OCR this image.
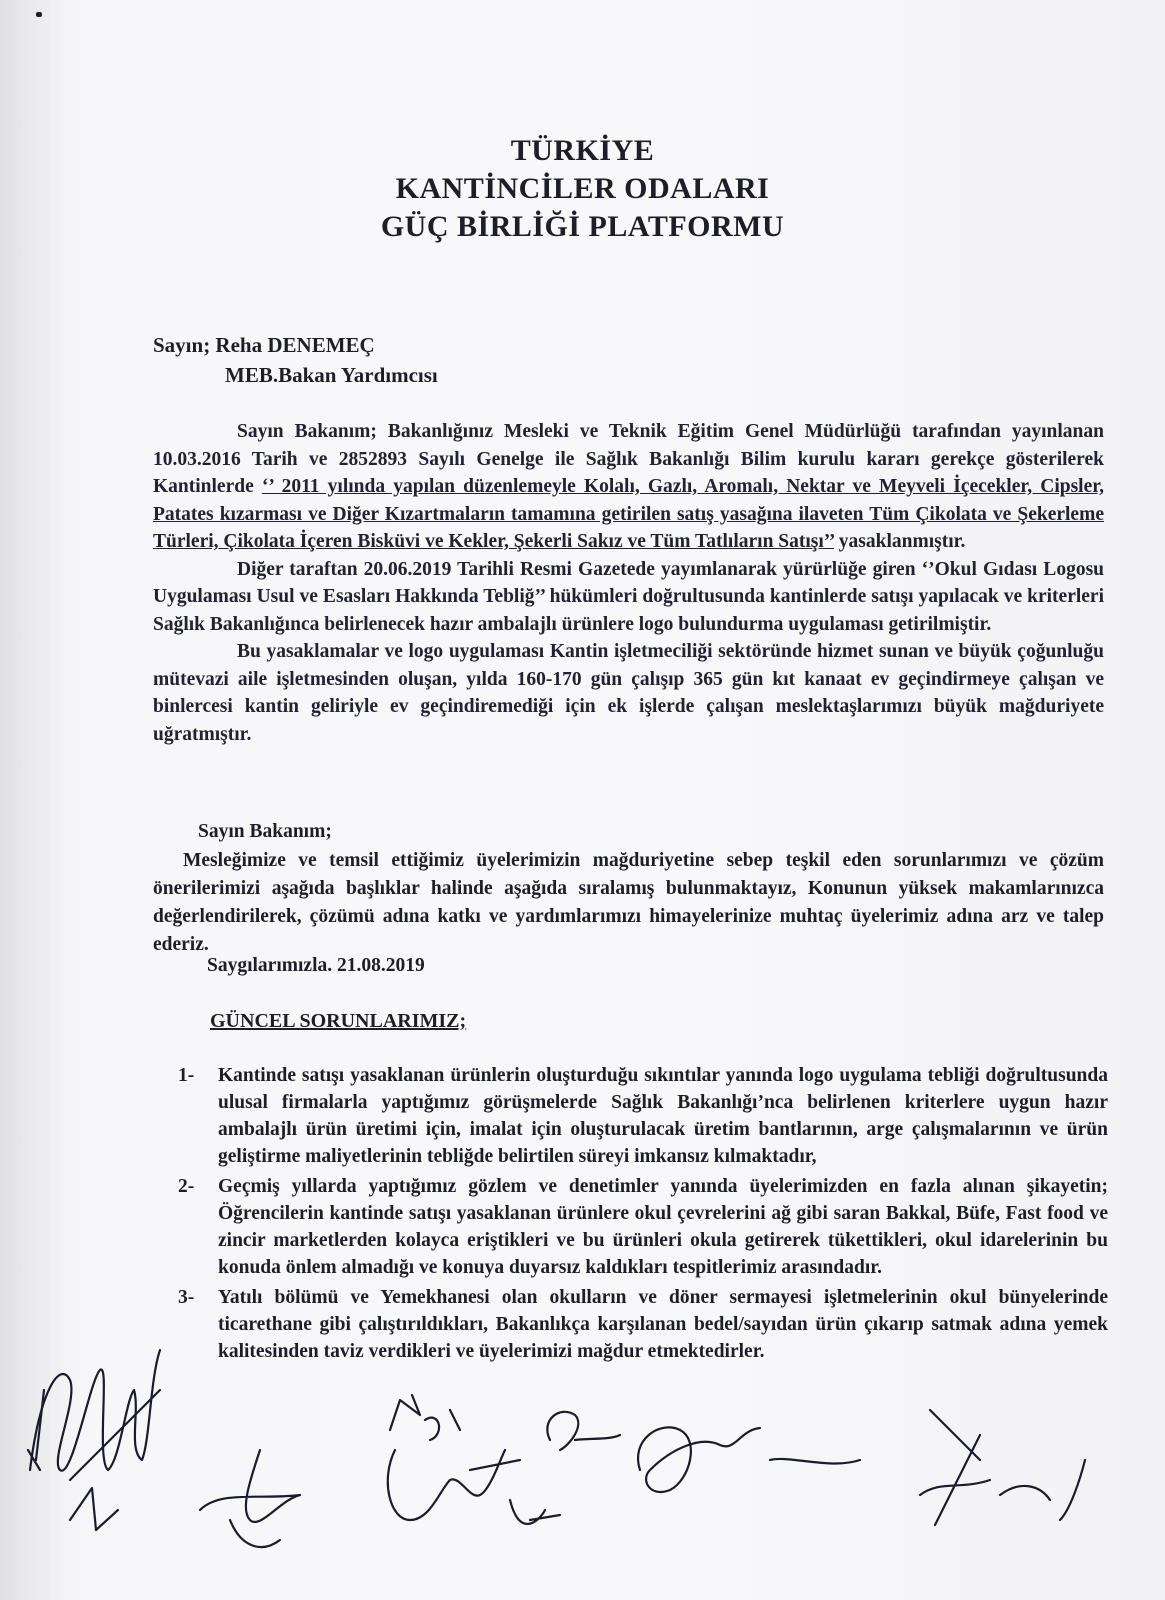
TÜRKİYE
KANTİNCİLER ODALARI
GÜÇ BİRLİĞİ PLATFORMU
Sayın; Reha DENEMEÇ
MEB.Bakan Yardımcısı

Sayın Bakanım; Bakanlığınız Mesleki ve Teknik Eğitim Genel Müdürlüğü tarafından yayınlanan 10.03.2016 Tarih ve 2852893 Sayılı Genelge ile Sağlık Bakanlığı Bilim kurulu kararı gerekçe gösterilerek Kantinlerde ‘’ 2011 yılında yapılan düzenlemeyle Kolalı, Gazlı, Aromalı, Nektar ve Meyveli İçecekler, Cipsler, Patates kızarması ve Diğer Kızartmaların tamamına getirilen satış yasağına ilaveten Tüm Çikolata ve Şekerleme Türleri, Çikolata İçeren Bisküvi ve Kekler, Şekerli Sakız ve Tüm Tatlıların Satışı’’ yasaklanmıştır.

Diğer taraftan 20.06.2019 Tarihli Resmi Gazetede yayımlanarak yürürlüğe giren ‘’Okul Gıdası Logosu Uygulaması Usul ve Esasları Hakkında Tebliğ’’ hükümleri doğrultusunda kantinlerde satışı yapılacak ve kriterleri Sağlık Bakanlığınca belirlenecek hazır ambalajlı ürünlere logo bulundurma uygulaması getirilmiştir.

Bu yasaklamalar ve logo uygulaması Kantin işletmeciliği sektöründe hizmet sunan ve büyük çoğunluğu mütevazi aile işletmesinden oluşan, yılda 160-170 gün çalışıp 365 gün kıt kanaat ev geçindirmeye çalışan ve binlercesi kantin geliriyle ev geçindiremediği için ek işlerde çalışan meslektaşlarımızı büyük mağduriyete uğratmıştır.

Sayın Bakanım;

Mesleğimize ve temsil ettiğimiz üyelerimizin mağduriyetine sebep teşkil eden sorunlarımızı ve çözüm önerilerimizi aşağıda başlıklar halinde aşağıda sıralamış bulunmaktayız, Konunun yüksek makamlarınızca değerlendirilerek, çözümü adına katkı ve yardımlarımızı himayelerinize muhtaç üyelerimiz adına arz ve talep ederiz.

Saygılarımızla. 21.08.2019
GÜNCEL SORUNLARIMIZ;
1- Kantinde satışı yasaklanan ürünlerin oluşturduğu sıkıntılar yanında logo uygulama tebliği doğrultusunda ulusal firmalarla yaptığımız görüşmelerde Sağlık Bakanlığı’nca belirlenen kriterlere uygun hazır ambalajlı ürün üretimi için, imalat için oluşturulacak üretim bantlarının, arge çalışmalarının ve ürün geliştirme maliyetlerinin tebliğde belirtilen süreyi imkansız kılmaktadır,
2- Geçmiş yıllarda yaptığımız gözlem ve denetimler yanında üyelerimizden en fazla alınan şikayetin; Öğrencilerin kantinde satışı yasaklanan ürünlere okul çevrelerini ağ gibi saran Bakkal, Büfe, Fast food ve zincir marketlerden kolayca eriştikleri ve bu ürünleri okula getirerek tükettikleri, okul idarelerinin bu konuda önlem almadığı ve konuya duyarsız kaldıkları tespitlerimiz arasındadır.
3- Yatılı bölümü ve Yemekhanesi olan okulların ve döner sermayesi işletmelerinin okul bünyelerinde ticarethane gibi çalıştırıldıkları, Bakanlıkça karşılanan bedel/sayıdan ürün çıkarıp satmak adına yemek kalitesinden taviz verdikleri ve üyelerimizi mağdur etmektedirler.
